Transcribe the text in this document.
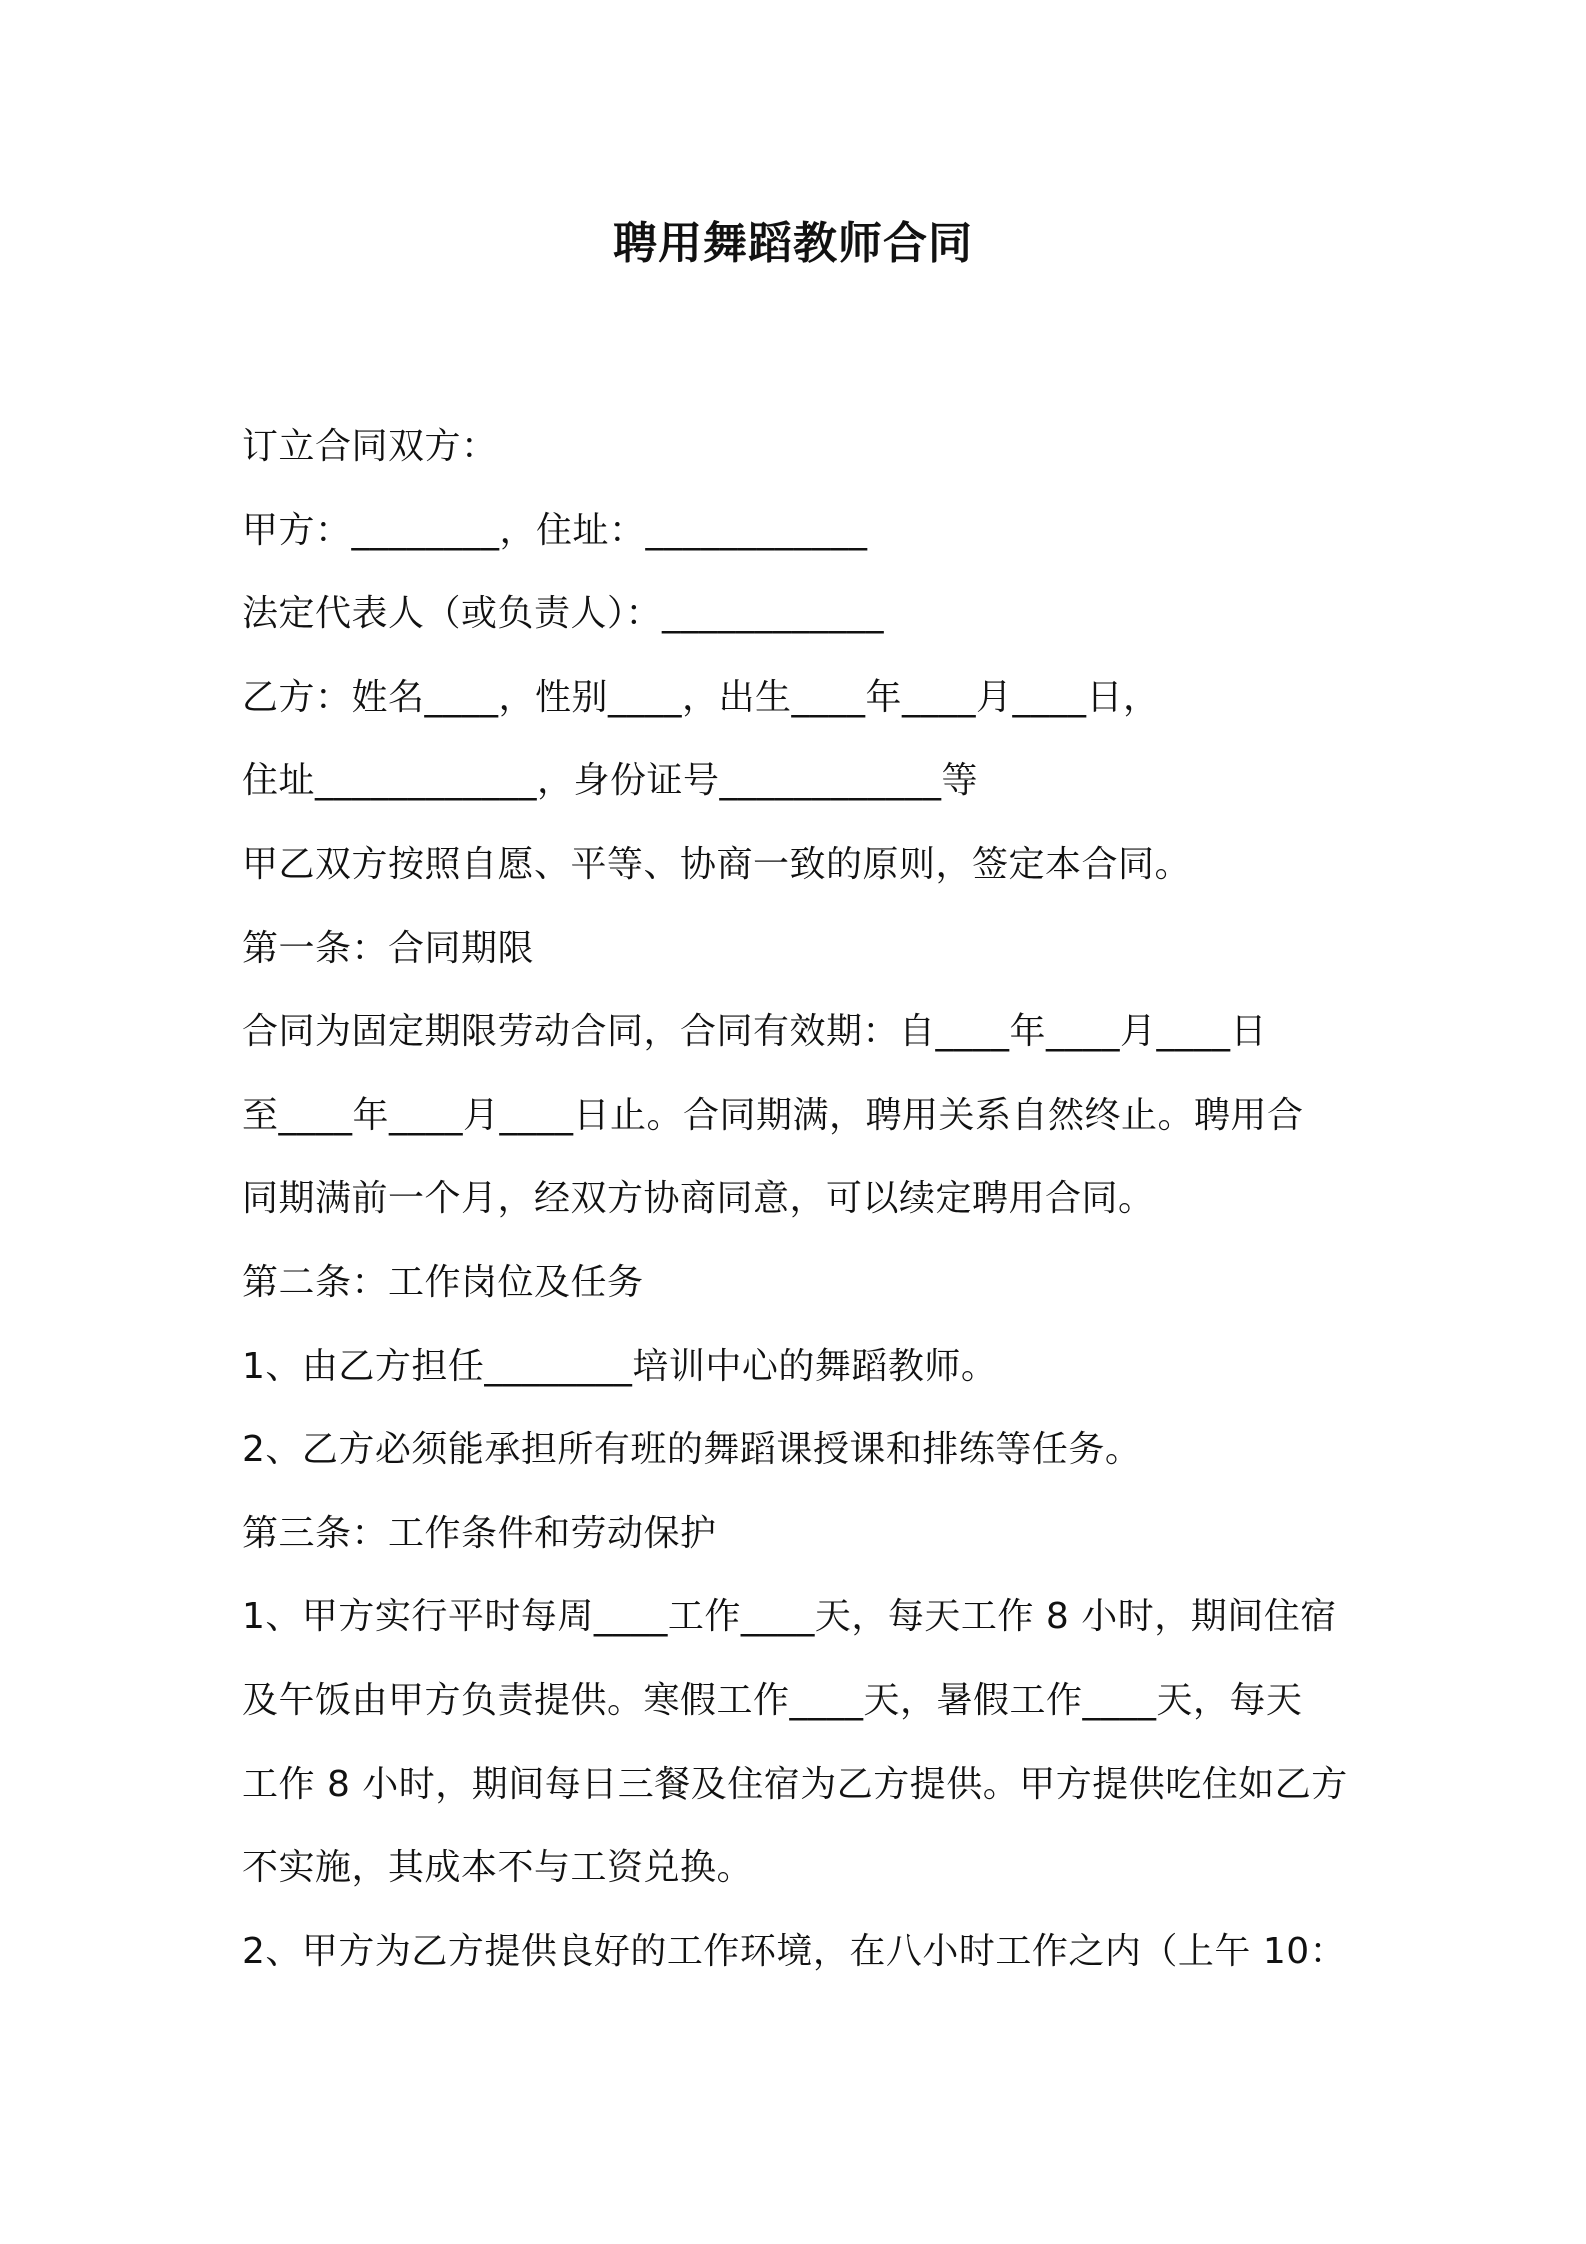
聘用舞蹈教师合同
订立合同双方：
甲方：________，住址：____________
法定代表人（或负责人）：____________
乙方：姓名____，性别____，出生____年____月____日，
住址____________，身份证号____________等
甲乙双方按照自愿、平等、协商一致的原则，签定本合同。
第一条：合同期限
合同为固定期限劳动合同，合同有效期：自____年____月____日
至____年____月____日止。合同期满，聘用关系自然终止。聘用合
同期满前一个月，经双方协商同意，可以续定聘用合同。
第二条：工作岗位及任务
1、由乙方担任________培训中心的舞蹈教师。
2、乙方必须能承担所有班的舞蹈课授课和排练等任务。
第三条：工作条件和劳动保护
1、甲方实行平时每周____工作____天，每天工作 8 小时，期间住宿
及午饭由甲方负责提供。寒假工作____天，暑假工作____天，每天
工作 8 小时，期间每日三餐及住宿为乙方提供。甲方提供吃住如乙方
不实施，其成本不与工资兑换。
2、甲方为乙方提供良好的工作环境，在八小时工作之内（上午 10：
